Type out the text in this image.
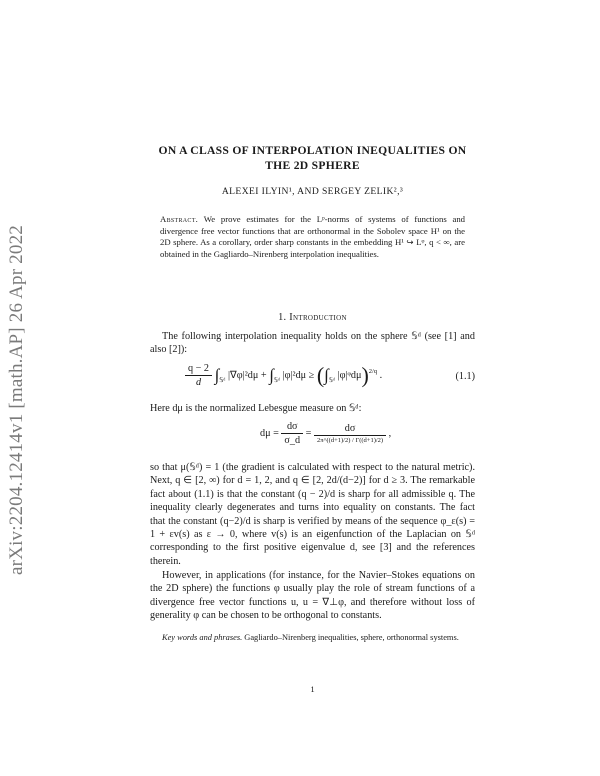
arXiv:2204.12414v1 [math.AP] 26 Apr 2022
ON A CLASS OF INTERPOLATION INEQUALITIES ON
THE 2D SPHERE
ALEXEI ILYIN¹, AND SERGEY ZELIK²,³
Abstract. We prove estimates for the Lᵖ-norms of systems of functions and divergence free vector functions that are orthonormal in the Sobolev space H¹ on the 2D sphere. As a corollary, order sharp constants in the embedding H¹ ↪ Lᵠ, q < ∞, are obtained in the Gagliardo–Nirenberg interpolation inequalities.
1. Introduction
The following interpolation inequality holds on the sphere 𝕊ᵈ (see [1] and also [2]):
$\frac{q - 2}{d} \int_{𝕊ᵈ}$ $|\nabla\varphi|^2d\mu + \int_{𝕊ᵈ}$ $|\varphi|^2d\mu \ge (\int_{𝕊ᵈ}$ |φ|ᵠdμ)$^{2/q}$ .	(1.1)
Here dμ is the normalized Lebesgue measure on 𝕊ᵈ:
$d\mu = \frac{d\sigma}{\sigma\_d} = \frac{d\sigma}{2\pi\^{}((d+1)/2) / \Gamma((d+1)/2)}$ ,
so that μ(𝕊ᵈ) = 1 (the gradient is calculated with respect to the natural metric). Next, q ∈ [2, ∞) for d = 1, 2, and q ∈ [2, 2d/(d−2)] for d ≥ 3. The remarkable fact about (1.1) is that the constant (q − 2)/d is sharp for all admissible q. The inequality clearly degenerates and turns into equality on constants. The fact that the constant (q−2)/d is sharp is verified by means of the sequence φ_ε(s) = 1 + εv(s) as ε → 0, where v(s) is an eigenfunction of the Laplacian on 𝕊ᵈ corresponding to the first positive eigenvalue d, see [3] and the references therein.
However, in applications (for instance, for the Navier–Stokes equations on the 2D sphere) the functions φ usually play the role of stream functions of a divergence free vector functions u, u = ∇⊥φ, and therefore without loss of generality φ can be chosen to be orthogonal to constants.
Key words and phrases. Gagliardo–Nirenberg inequalities, sphere, orthonormal systems.
1
